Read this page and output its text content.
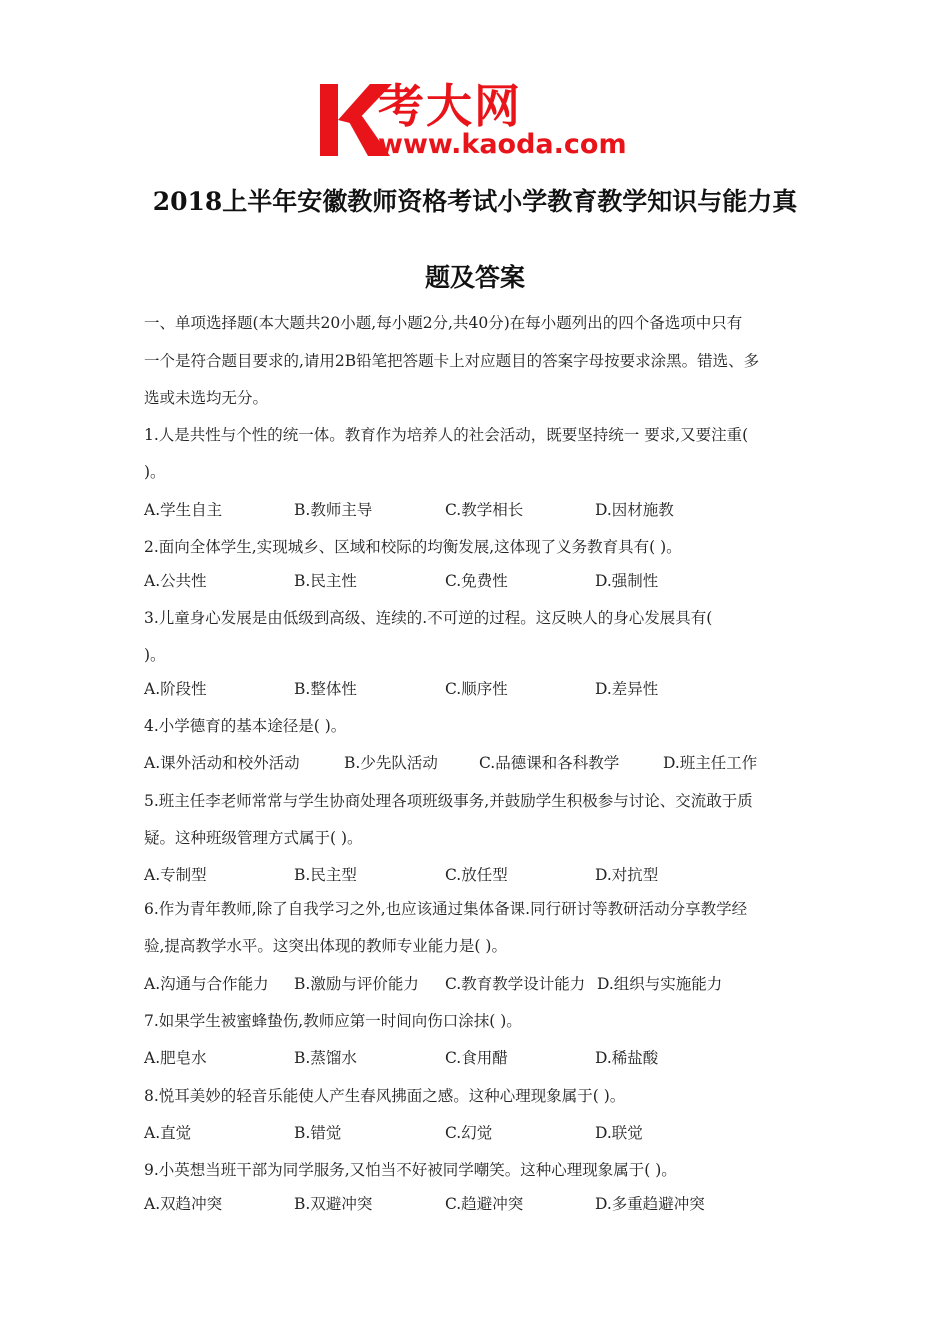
考大网
www.kaoda.com
2018上半年安徽教师资格考试小学教育教学知识与能力真
题及答案
一、单项选择题(本大题共20小题,每小题2分,共40分)在每小题列出的四个备选项中只有
一个是符合题目要求的,请用2B铅笔把答题卡上对应题目的答案字母按要求涂黑。错选、多
选或未选均无分。
1.人是共性与个性的统一体。教育作为培养人的社会活动，既要坚持统一 要求,又要注重(
)。
A.学生自主	B.教师主导	C.教学相长	D.因材施教
2.面向全体学生,实现城乡、区域和校际的均衡发展,这体现了义务教育具有( )。
A.公共性	B.民主性	C.免费性	D.强制性
3.儿童身心发展是由低级到高级、连续的.不可逆的过程。这反映人的身心发展具有(
)。
A.阶段性	B.整体性	C.顺序性	D.差异性
4.小学德育的基本途径是( )。
A.课外活动和校外活动	B.少先队活动	C.品德课和各科教学	D.班主任工作
5.班主任李老师常常与学生协商处理各项班级事务,并鼓励学生积极参与讨论、交流敢于质
疑。这种班级管理方式属于( )。
A.专制型	B.民主型	C.放任型	D.对抗型
6.作为青年教师,除了自我学习之外,也应该通过集体备课.同行研讨等教研活动分享教学经
验,提高教学水平。这突出体现的教师专业能力是( )。
A.沟通与合作能力 B.激励与评价能力 C.教育教学设计能力 D.组织与实施能力
7.如果学生被蜜蜂蛰伤,教师应第一时间向伤口涂抹( )。
A.肥皂水	B.蒸馏水	C.食用醋	D.稀盐酸
8.悦耳美妙的轻音乐能使人产生春风拂面之感。这种心理现象属于( )。
A.直觉	B.错觉	C.幻觉	D.联觉
9.小英想当班干部为同学服务,又怕当不好被同学嘲笑。这种心理现象属于( )。
A.双趋冲突	B.双避冲突	C.趋避冲突	D.多重趋避冲突
